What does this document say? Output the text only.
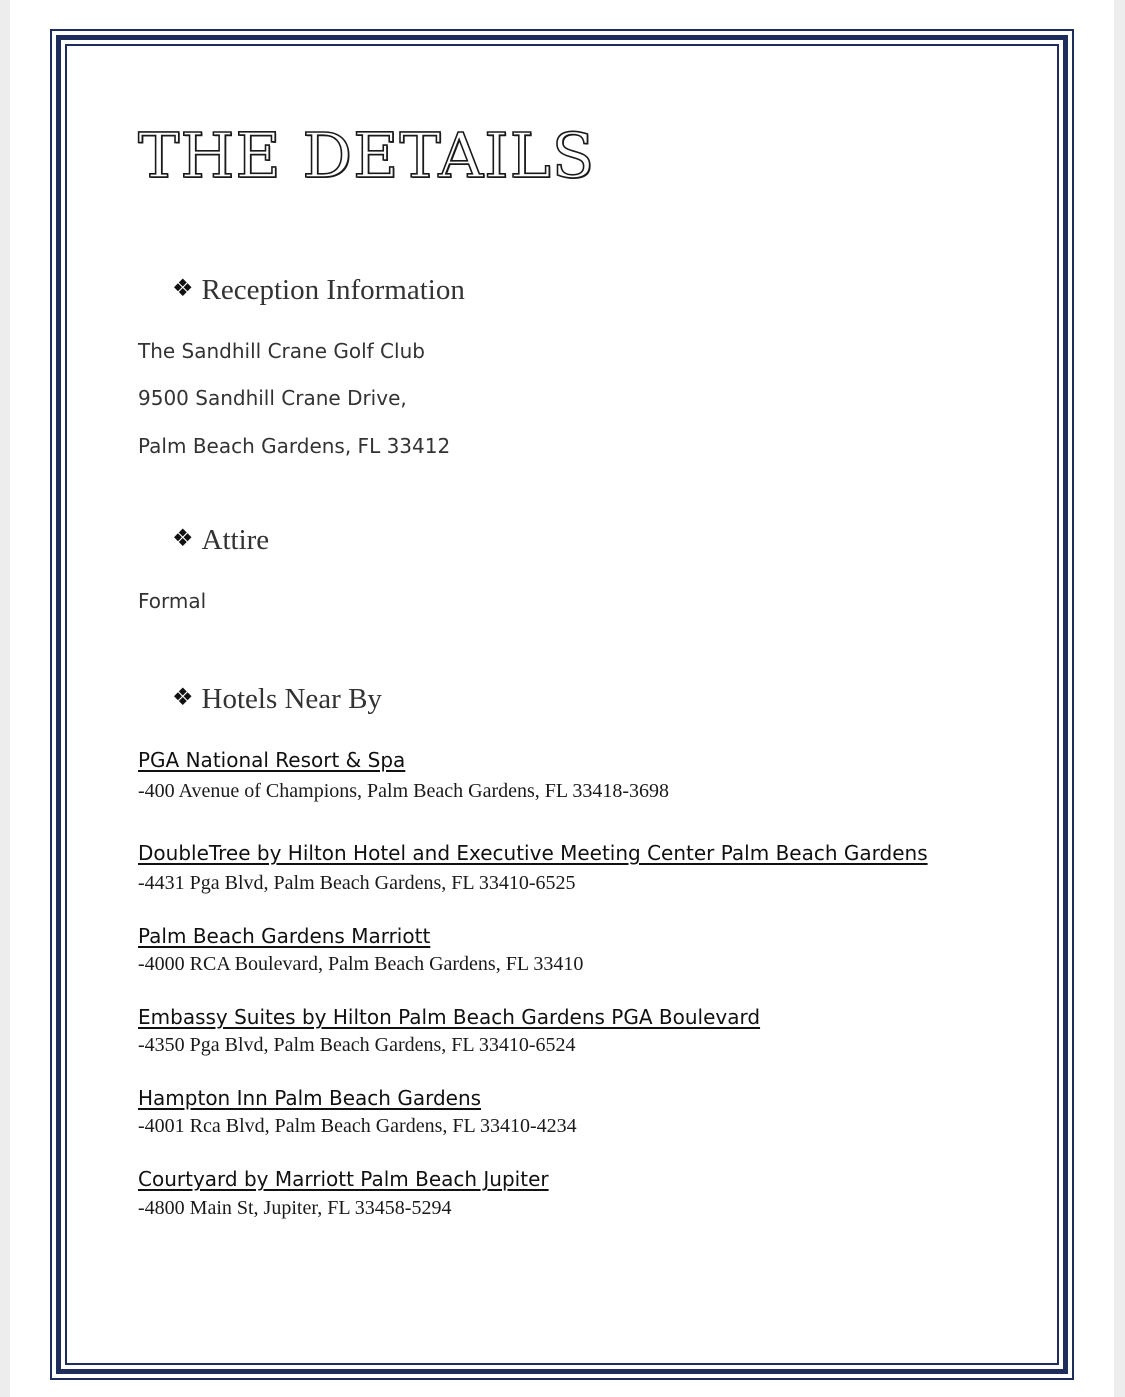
THE DETAILS
❖ Reception Information

The Sandhill Crane Golf Club

9500 Sandhill Crane Drive,

Palm Beach Gardens, FL 33412

❖ Attire

Formal

❖ Hotels Near By
PGA National Resort & Spa

-400 Avenue of Champions, Palm Beach Gardens, FL 33418-3698

DoubleTree by Hilton Hotel and Executive Meeting Center Palm Beach Gardens

-4431 Pga Blvd, Palm Beach Gardens, FL 33410-6525

Palm Beach Gardens Marriott

-4000 RCA Boulevard, Palm Beach Gardens, FL 33410

Embassy Suites by Hilton Palm Beach Gardens PGA Boulevard

-4350 Pga Blvd, Palm Beach Gardens, FL 33410-6524

Hampton Inn Palm Beach Gardens

-4001 Rca Blvd, Palm Beach Gardens, FL 33410-4234

Courtyard by Marriott Palm Beach Jupiter

-4800 Main St, Jupiter, FL 33458-5294
